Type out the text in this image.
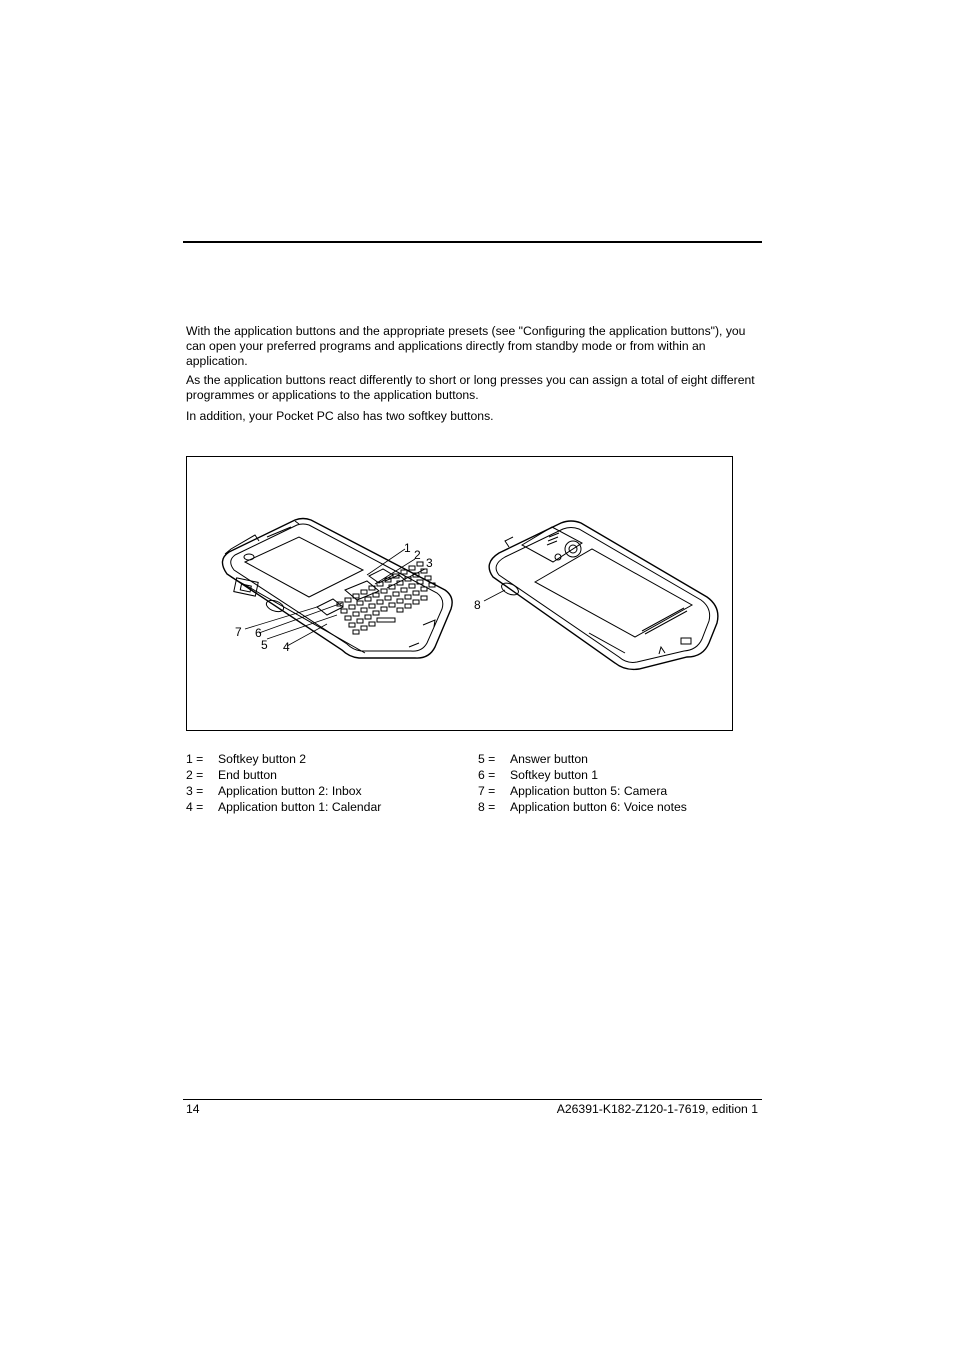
With the application buttons and the appropriate presets (see "Configuring the application buttons"), you can open your preferred programs and applications directly from standby mode or from within an application.

As the application buttons react differently to short or long presses you can assign a total of eight different programmes or applications to the application buttons.

In addition, your Pocket PC also has two softkey buttons.

1 2
3
4
5
6
7
8
1 =	Softkey button 2
2 =	End button
3 =	Application button 2: Inbox
4 =	Application button 1: Calendar
5 =	Answer button
6 =	Softkey button 1
7 =	Application button 5: Camera
8 =	Application button 6: Voice notes
14	A26391-K182-Z120-1-7619, edition 1
